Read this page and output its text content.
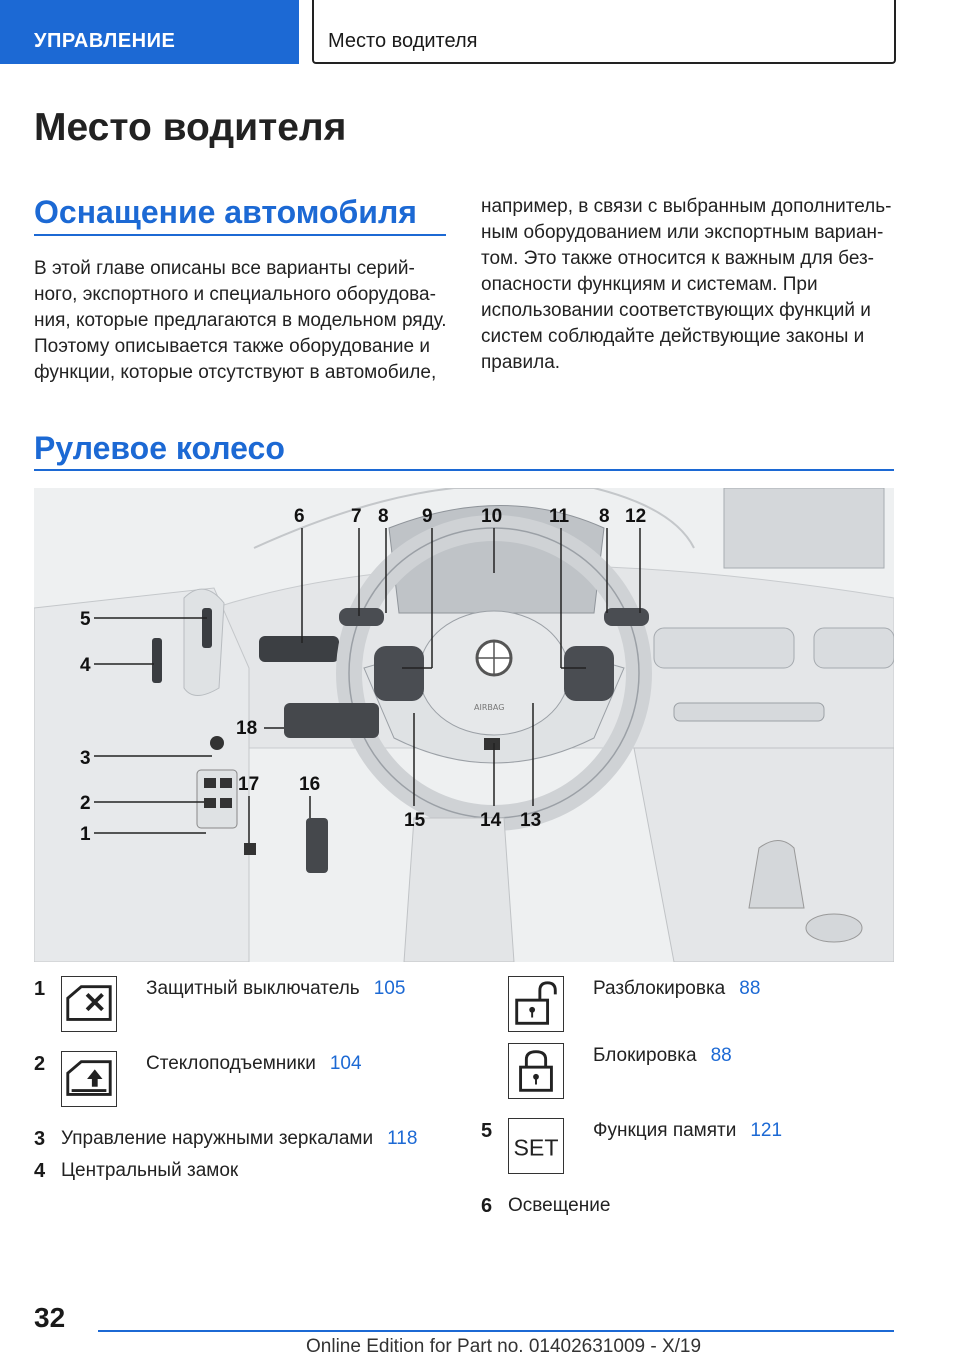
УПРАВЛЕНИЕ	Место водителя
Место водителя
Оснащение автомобиля
В этой главе описаны все варианты серий-
ного, экспортного и специального оборудова-
ния, которые предлагаются в модельном ряду.
Поэтому описывается также оборудование и
функции, которые отсутствуют в автомобиле,
например, в связи с выбранным дополнитель-
ным оборудованием или экспортным вариан-
том. Это также относится к важным для без-
опасности функциям и системам. При
использовании соответствующих функций и
систем соблюдайте действующие законы и
правила.
Рулевое колесо
AIRBAG
1
2
3
4
5
6 7 8 9	10 11 8 12
13
14
15
16
17
18
1	Защитный выключатель 105
2	Стеклоподъемники 104
3 Управление наружными зеркалами 118
4 Центральный замок
Разблокировка 88
Блокировка 88
5
SET
Функция памяти 121
6 Освещение
32
Online Edition for Part no. 01402631009 - X/19
